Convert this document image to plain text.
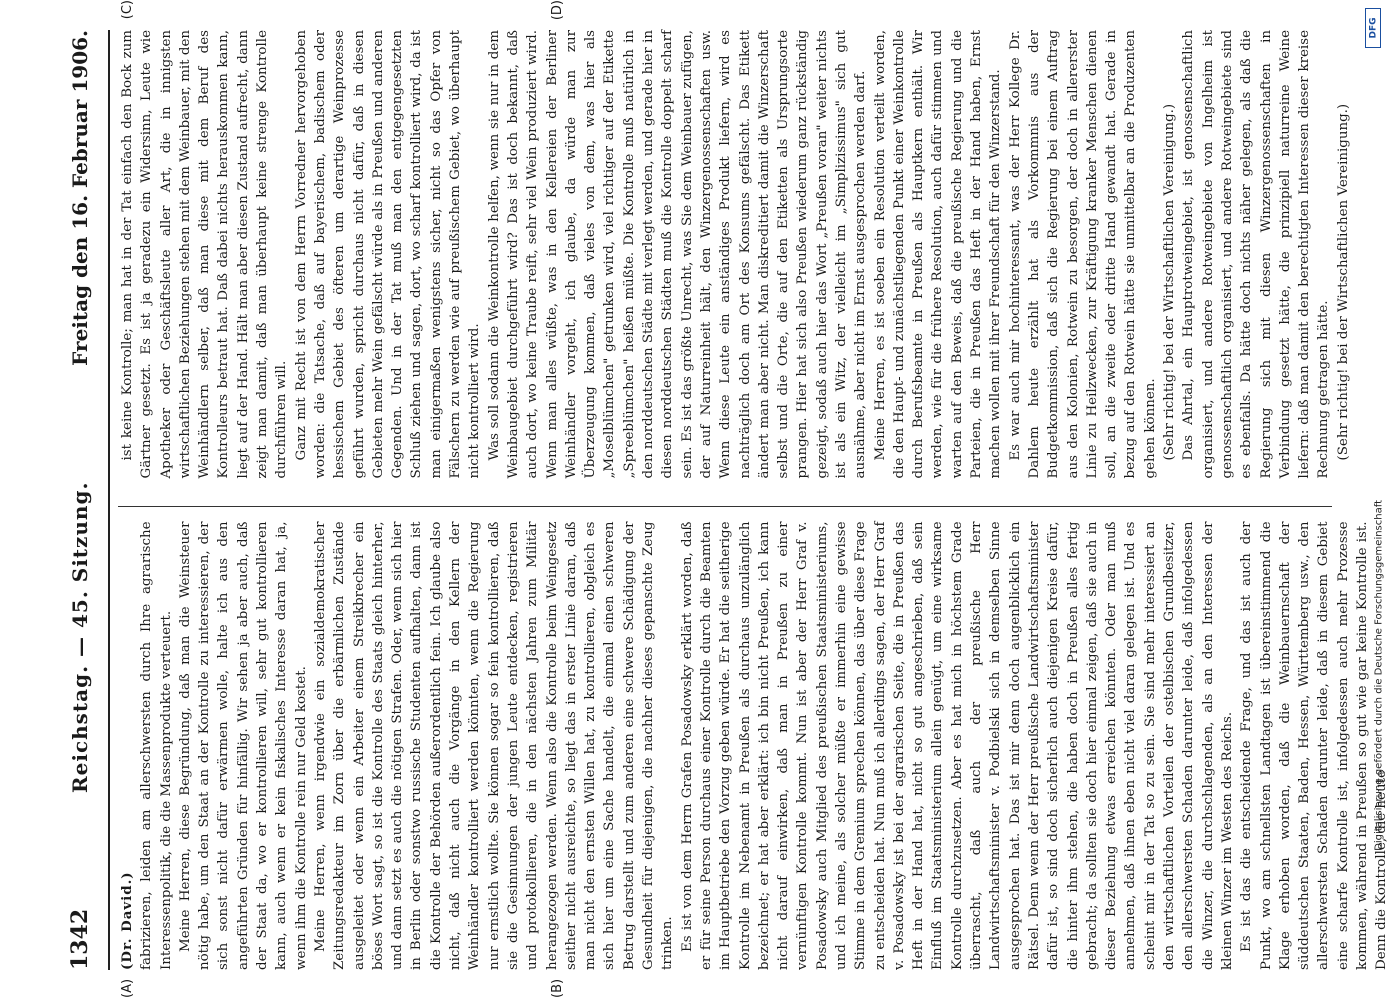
1342
Reichstag. — 45. Sitzung.
Freitag den 16. Februar 1906.
(A)	(B)

(Dr. David.) fabrizieren, leiden am allerschwersten durch Ihre agrarische Interessenpolitik, die die Massenprodukte verteuert. Meine Herren, diese Begründung, daß man die Weinsteuer nötig habe, um den Staat an der Kontrolle zu interessieren, der sich sonst nicht dafür erwärmen wolle, halte ich aus den angeführten Gründen für hinfällig. Wir sehen ja aber auch, daß der Staat da, wo er kontrollieren will, sehr gut kontrollieren kann, auch wenn er kein fiskalisches Interesse daran hat, ja, wenn ihm die Kontrolle rein nur Geld kostet. Meine Herren, wenn irgendwie ein sozialdemokratischer Zeitungsredakteur im Zorn über die erbärmlichen Zustände ausgeleitet oder wenn ein Arbeiter einem Streikbrecher ein böses Wort sagt, so ist die Kontrolle des Staats gleich hinterher, und dann setzt es auch die nötigen Strafen. Oder, wenn sich hier in Berlin oder sonstwo russische Studenten aufhalten, dann ist die Kontrolle der Behörden außerordentlich fein. Ich glaube also nicht, daß nicht auch die Vorgänge in den Kellern der Weinhändler kontrolliert werden könnten, wenn die Regierung nur ernstlich wollte. Sie können sogar so fein kontrollieren, daß sie die Gesinnungen der jungen Leute entdecken, registrieren und protokollieren, die in den nächsten Jahren zum Militär herangezogen werden. Wenn also die Kontrolle beim Weingesetz seither nicht ausreichte, so liegt das in erster Linie daran, daß man nicht den ernsten Willen hat, zu kontrollieren, obgleich es sich hier um eine Sache handelt, die einmal einen schweren Betrug darstellt und zum anderen eine schwere Schädigung der Gesundheit für diejenigen, die nachher dieses gepanschte Zeug trinken. Es ist von dem Herrn Grafen Posadowsky erklärt worden, daß er für seine Person durchaus einer Kontrolle durch die Beamten im Hauptbetriebe den Vorzug geben würde. Er hat die seitherige Kontrolle im Nebenamt in Preußen als durchaus unzulänglich bezeichnet; er hat aber erklärt: ich bin nicht Preußen, ich kann nicht darauf einwirken, daß man in Preußen zu einer vernünftigen Kontrolle kommt. Nun ist aber der Herr Graf v. Posadowsky auch Mitglied des preußischen Staatsministeriums, und ich meine, als solcher müßte er immerhin eine gewisse Stimme in dem Gremium sprechen können, das über diese Frage zu entscheiden hat. Nun muß ich allerdings sagen, der Herr Graf v. Posadowsky ist bei der agrarischen Seite, die in Preußen das Heft in der Hand hat, nicht so gut angeschrieben, daß sein Einfluß im Staatsministerium allein genügt, um eine wirksame Kontrolle durchzusetzen. Aber es hat mich in höchstem Grade überrascht, daß auch der preußische Herr Landwirtschaftsminister v. Podbielski sich in demselben Sinne ausgesprochen hat. Das ist mir denn doch augenblicklich ein Rätsel. Denn wenn der Herr preußische Landwirtschaftsminister dafür ist, so sind doch sicherlich auch diejenigen Kreise dafür, die hinter ihm stehen, die haben doch in Preußen alles fertig gebracht; da sollten sie doch hier einmal zeigen, daß sie auch in dieser Beziehung etwas erreichen könnten. Oder man muß annehmen, daß ihnen eben nicht viel daran gelegen ist. Und es scheint mir in der Tat so zu sein. Sie sind mehr interessiert an den wirtschaftlichen Vorteilen der ostelbischen Grundbesitzer, den allerschwersten Schaden darunter leide, daß infolgedessen die Winzer, die durchschlagenden, als an den Interessen der kleinen Winzer im Westen des Reichs. Es ist das die entscheidende Frage, und das ist auch der Punkt, wo am schnellsten Landtagen ist übereinstimmend die Klage erhoben worden, daß die Weinbauernschaft der süddeutschen Staaten, Baden, Hessen, Württemberg usw., den allerschwersten Schaden darunter leide, daß in diesem Gebiet eine scharfe Kontrolle ist, infolgedessen auch mehr Prozesse kommen, während in Preußen so gut wie gar keine Kontrolle ist. Denn die Kontrolle, die heute

(C)	(D)

ist keine Kontrolle; man hat in der Tat einfach den Bock zum Gärtner gesetzt. Es ist ja geradezu ein Widersinn, Leute wie Apotheker oder Geschäftsleute aller Art, die in innigsten wirtschaftlichen Beziehungen stehen mit dem Weinbauer, mit den Weinhändlern selber, daß man diese mit dem Beruf des Kontrolleurs betraut hat. Daß dabei nichts herauskommen kann, liegt auf der Hand. Hält man aber diesen Zustand aufrecht, dann zeigt man damit, daß man überhaupt keine strenge Kontrolle durchführen will. Ganz mit Recht ist von dem Herrn Vorredner hervorgehoben worden: die Tatsache, daß auf bayerischem, badischem oder hessischem Gebiet des öfteren um derartige Weinprozesse geführt wurden, spricht durchaus nicht dafür, daß in diesen Gebieten mehr Wein gefälscht würde als in Preußen und anderen Gegenden. Und in der Tat muß man den entgegengesetzten Schluß ziehen und sagen, dort, wo scharf kontrolliert wird, da ist man einigermaßen wenigstens sicher, nicht so das Opfer von Fälschern zu werden wie auf preußischem Gebiet, wo überhaupt nicht kontrolliert wird. Was soll sodann die Weinkontrolle helfen, wenn sie nur in dem Weinbaugebiet durchgeführt wird? Das ist doch bekannt, daß auch dort, wo keine Traube reift, sehr viel Wein produziert wird. Wenn man alles wüßte, was in den Kellereien der Berliner Weinhändler vorgeht, ich glaube, da würde man zur Überzeugung kommen, daß vieles von dem, was hier als „Moselblümchen" getrunken wird, viel richtiger auf der Etikette „Spreeblümchen" heißen müßte. Die Kontrolle muß natürlich in den norddeutschen Städte mit verlegt werden, und gerade hier in diesen norddeutschen Städten muß die Kontrolle doppelt scharf sein. Es ist das größte Unrecht, was Sie dem Weinbauer zufügen, der auf Naturreinheit hält, den Winzergenossenschaften usw. Wenn diese Leute ein anständiges Produkt liefern, wird es nachträglich doch am Ort des Konsums gefälscht. Das Etikett ändert man aber nicht. Man diskreditiert damit die Winzerschaft selbst und die Orte, die auf den Etiketten als Ursprungsorte prangen. Hier hat sich also Preußen wiederum ganz rückständig gezeigt, sodaß auch hier das Wort „Preußen voran" weiter nichts ist als ein Witz, der vielleicht im „Simplizissimus" sich gut ausnähme, aber nicht im Ernst ausgesprochen werden darf. Meine Herren, es ist soeben ein Resolution verteilt worden, die den Haupt- und zunächstliegenden Punkt einer Weinkontrolle durch Berufsbeamte in Preußen als Hauptkern enthält. Wir werden, wie für die frühere Resolution, auch dafür stimmen und warten auf den Beweis, daß die preußische Regierung und die Parteien, die in Preußen das Heft in der Hand haben, Ernst machen wollen mit ihrer Freundschaft für den Winzerstand. Es war auch mir hochinteressant, was der Herr Kollege Dr. Dahlem heute erzählt hat als Vorkommnis aus der Budgetkommission, daß sich die Regierung bei einem Auftrag aus den Kolonien, Rotwein zu besorgen, der doch in allererster Linie zu Heilzwecken, zur Kräftigung kranker Menschen dienen soll, an die zweite oder dritte Hand gewandt hat. Gerade in bezug auf den Rotwein hätte sie unmittelbar an die Produzenten gehen können. (Sehr richtig! bei der Wirtschaftlichen Vereinigung.) Das Ahrtal, ein Hauptrotweingebiet, ist genossenschaftlich organisiert, und andere Rotweingebiete von Ingelheim ist genossenschaftlich organisiert, und andere Rotweingebiete sind es ebenfalls. Da hätte doch nichts näher gelegen, als daß die Regierung sich mit diesen Winzergenossenschaften in Verbindung gesetzt hätte, die prinzipiell naturreine Weine liefern: daß man damit den berechtigten Interessen dieser kreise Rechnung getragen hätte. (Sehr richtig! bei der Wirtschaftlichen Vereinigung.)

DFG
Digitalisierung gefördert durch die Deutsche Forschungsgemeinschaft
